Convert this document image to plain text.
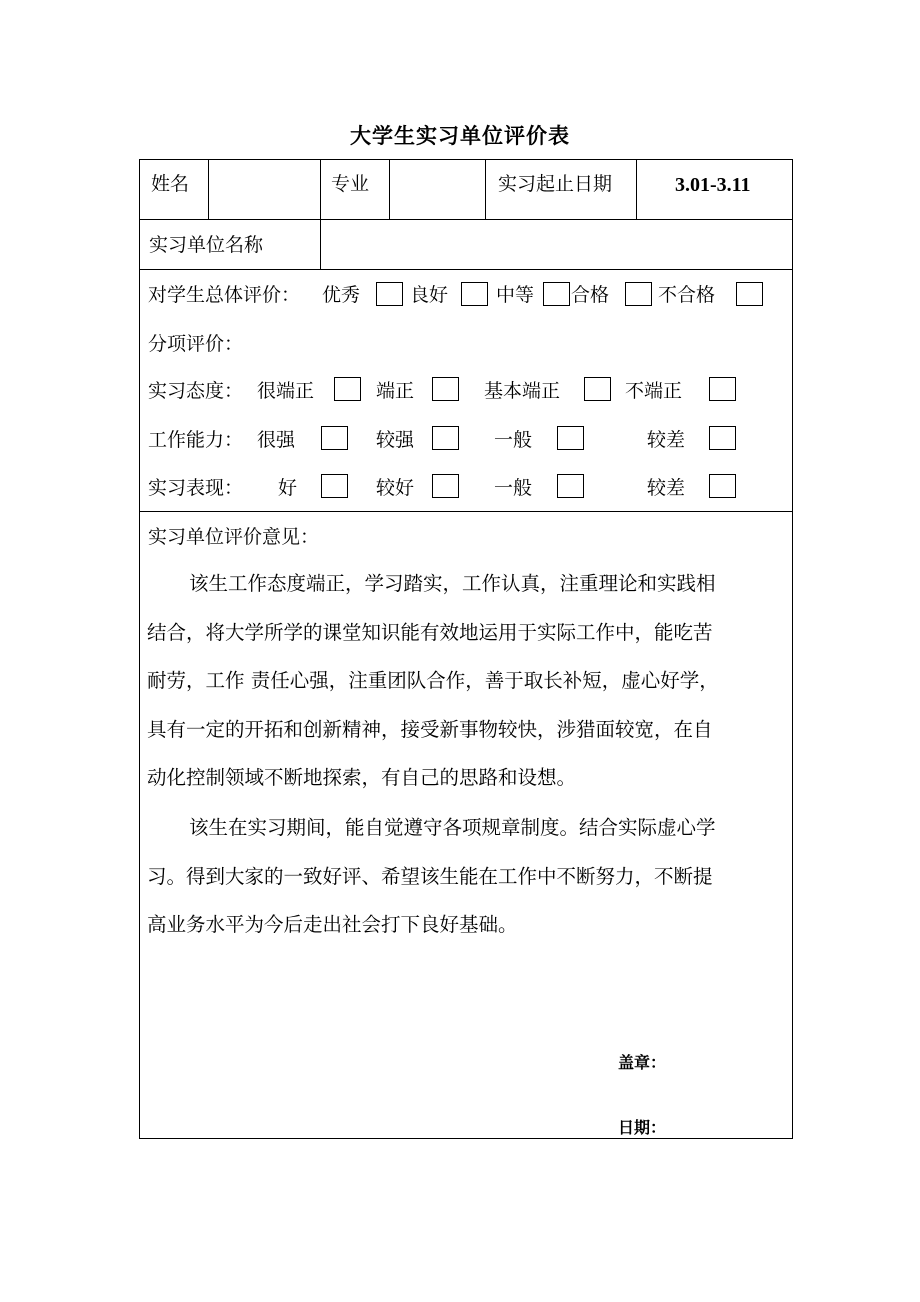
大学生实习单位评价表
姓名	专业	实习起止日期	3.01-3.11
实习单位名称
对学生总体评价： 优秀	良好	中等 合格	不合格
分项评价：
实习态度： 很端正	端正	基本端正	不端正
工作能力： 很强	较强	一般	较差
实习表现： 好	较好	一般	较差
实习单位评价意见：
该生工作态度端正，学习踏实，工作认真，注重理论和实践相
结合，将大学所学的课堂知识能有效地运用于实际工作中，能吃苦
耐劳，工作 责任心强，注重团队合作，善于取长补短，虚心好学，
具有一定的开拓和创新精神，接受新事物较快，涉猎面较宽，在自
动化控制领域不断地探索，有自己的思路和设想。
该生在实习期间，能自觉遵守各项规章制度。结合实际虚心学
习。得到大家的一致好评、希望该生能在工作中不断努力，不断提
高业务水平为今后走出社会打下良好基础。
盖章：
日期：
